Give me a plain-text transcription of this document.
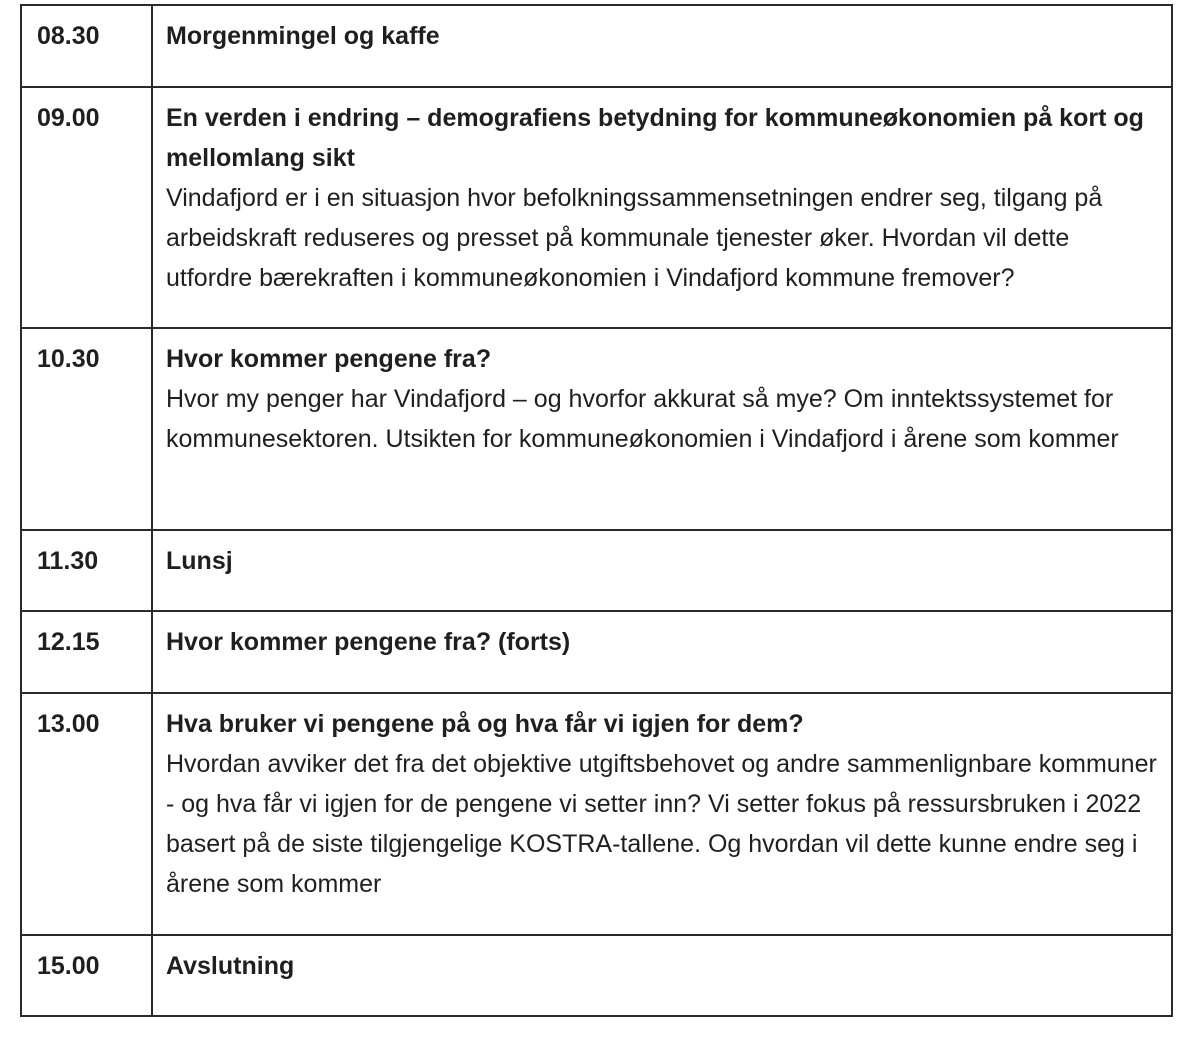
08.30	Morgenmingel og kaffe

09.00	En verden i endring – demografiens betydning for kommuneøkonomien på kort og mellomlang sikt
Vindafjord er i en situasjon hvor befolkningssammensetningen endrer seg, tilgang på arbeidskraft reduseres og presset på kommunale tjenester øker. Hvordan vil dette utfordre bærekraften i kommuneøkonomien i Vindafjord kommune fremover?

10.30	Hvor kommer pengene fra?
Hvor my penger har Vindafjord – og hvorfor akkurat så mye? Om inntektssystemet for kommunesektoren. Utsikten for kommuneøkonomien i Vindafjord i årene som kommer

11.30	Lunsj

12.15	Hvor kommer pengene fra? (forts)

13.00	Hva bruker vi pengene på og hva får vi igjen for dem?
Hvordan avviker det fra det objektive utgiftsbehovet og andre sammenlignbare kommuner - og hva får vi igjen for de pengene vi setter inn? Vi setter fokus på ressursbruken i 2022 basert på de siste tilgjengelige KOSTRA-tallene. Og hvordan vil dette kunne endre seg i årene som kommer

15.00	Avslutning
